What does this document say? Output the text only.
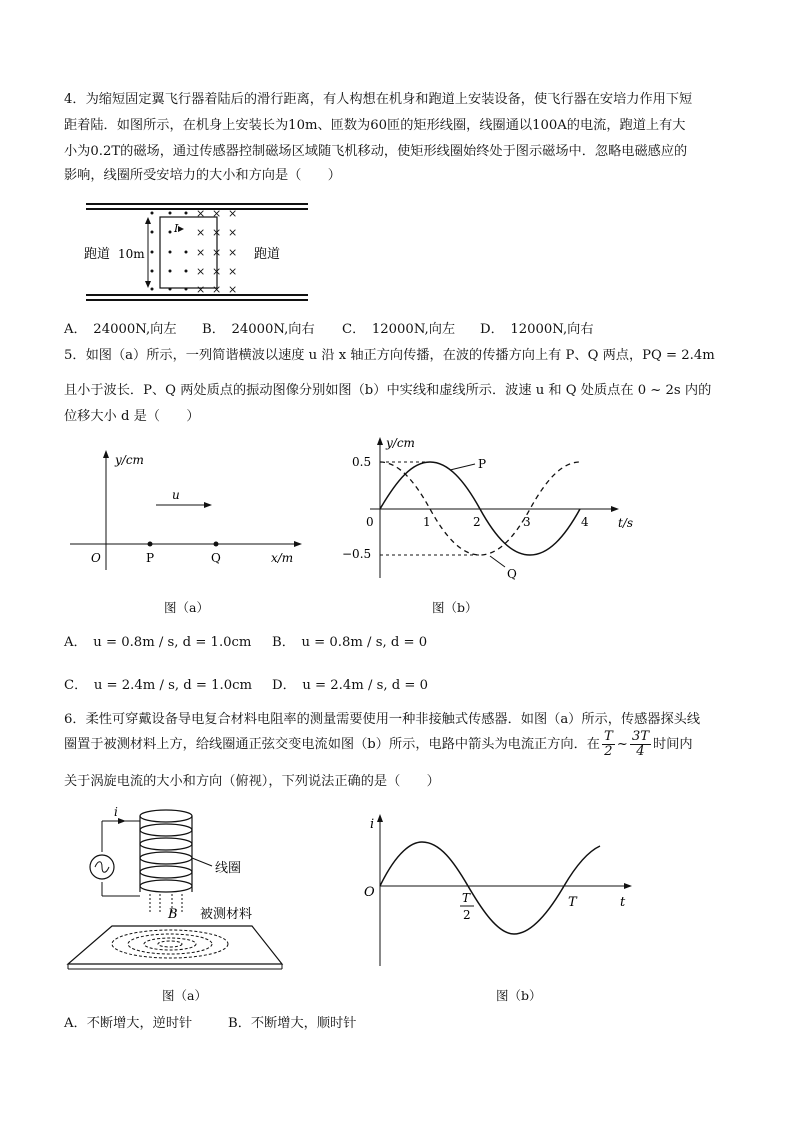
4．为缩短固定翼飞行器着陆后的滑行距离，有人构想在机身和跑道上安装设备，使飞行器在安培力作用下短
距着陆．如图所示，在机身上安装长为10m、匝数为60匝的矩形线圈，线圈通以100A的电流，跑道上有大
小为0.2T的磁场，通过传感器控制磁场区域随飞机移动，使矩形线圈始终处于图示磁场中．忽略电磁感应的
影响，线圈所受安培力的大小和方向是（　　）
× × ×
× × ×
× × ×
× × ×
× × ×
跑道 10m	跑道
I
A．　24000N,向左 B．　24000N,向右 C．　12000N,向左 D．　12000N,向右
5．如图（a）所示，一列简谐横波以速度 u 沿 x 轴正方向传播，在波的传播方向上有 P、Q 两点，PQ = 2.4m
且小于波长．P、Q 两处质点的振动图像分别如图（b）中实线和虚线所示．波速 u 和 Q 处质点在 0 ~ 2s 内的
位移大小 d 是（　　）
y/cm
x/m
O	P	Q
u
图（a）
y/cm
t/s
0
0.5
−0.5
1	2	3	4
P
Q
图（b）
A．　u = 0.8m / s, d = 1.0cm B．　u = 0.8m / s, d = 0
C．　u = 2.4m / s, d = 1.0cm D．　u = 2.4m / s, d = 0
6．柔性可穿戴设备导电复合材料电阻率的测量需要使用一种非接触式传感器．如图（a）所示，传感器探头线
圈置于被测材料上方，给线圈通正弦交变电流如图（b）所示，电路中箭头为电流正方向．在 $\frac{T}{2}$ ~ $\frac{3T}{4}$ 时间内
关于涡旋电流的大小和方向（俯视），下列说法正确的是（　　）
i
线圈
B 被测材料
图（a）
i
t
O	T
2
T
图（b）
A．不断增大，逆时针	B．不断增大，顺时针
